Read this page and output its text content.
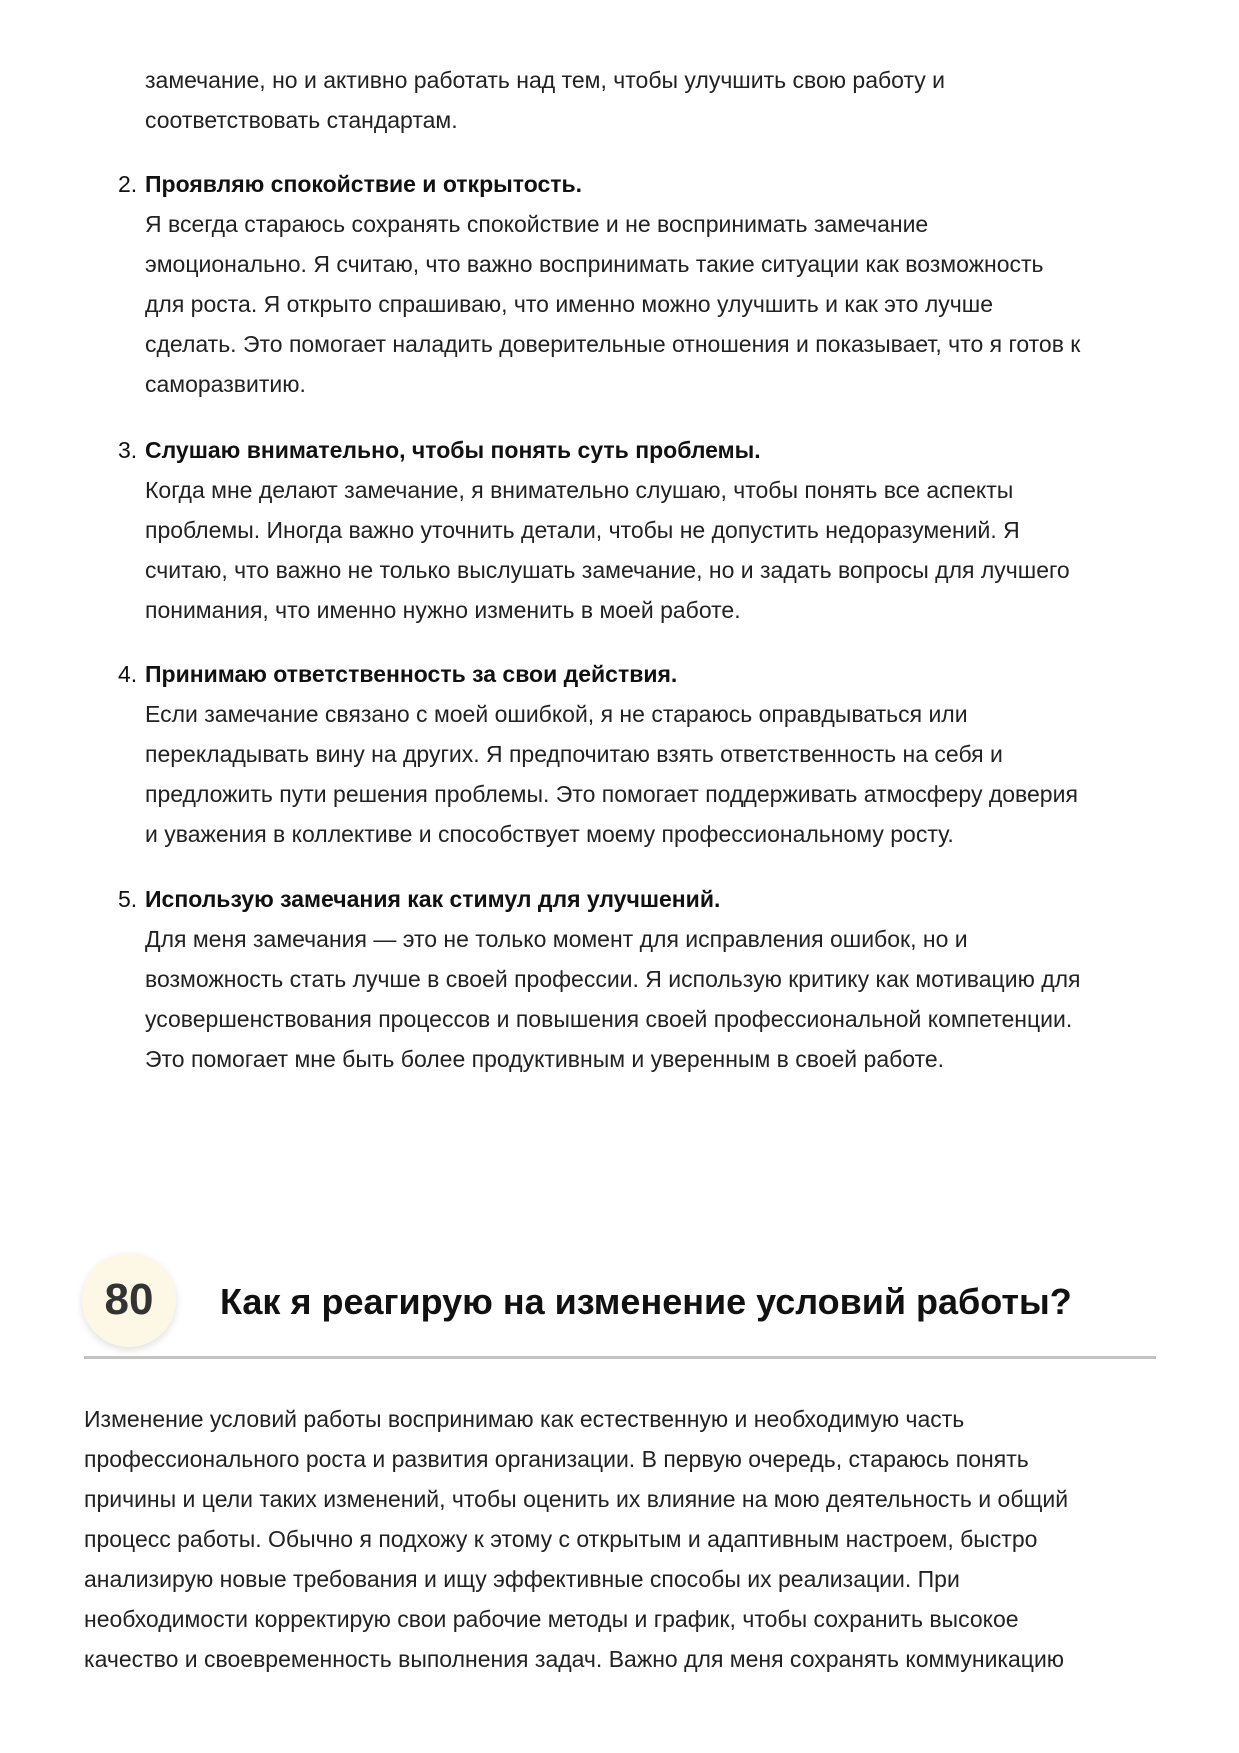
замечание, но и активно работать над тем, чтобы улучшить свою работу и
соответствовать стандартам.
2. Проявляю спокойствие и открытость.
Я всегда стараюсь сохранять спокойствие и не воспринимать замечание
эмоционально. Я считаю, что важно воспринимать такие ситуации как возможность
для роста. Я открыто спрашиваю, что именно можно улучшить и как это лучше
сделать. Это помогает наладить доверительные отношения и показывает, что я готов к
саморазвитию.
3. Слушаю внимательно, чтобы понять суть проблемы.
Когда мне делают замечание, я внимательно слушаю, чтобы понять все аспекты
проблемы. Иногда важно уточнить детали, чтобы не допустить недоразумений. Я
считаю, что важно не только выслушать замечание, но и задать вопросы для лучшего
понимания, что именно нужно изменить в моей работе.
4. Принимаю ответственность за свои действия.
Если замечание связано с моей ошибкой, я не стараюсь оправдываться или
перекладывать вину на других. Я предпочитаю взять ответственность на себя и
предложить пути решения проблемы. Это помогает поддерживать атмосферу доверия
и уважения в коллективе и способствует моему профессиональному росту.
5. Использую замечания как стимул для улучшений.
Для меня замечания — это не только момент для исправления ошибок, но и
возможность стать лучше в своей профессии. Я использую критику как мотивацию для
усовершенствования процессов и повышения своей профессиональной компетенции.
Это помогает мне быть более продуктивным и уверенным в своей работе.
80	Как я реагирую на изменение условий работы?
Изменение условий работы воспринимаю как естественную и необходимую часть
профессионального роста и развития организации. В первую очередь, стараюсь понять
причины и цели таких изменений, чтобы оценить их влияние на мою деятельность и общий
процесс работы. Обычно я подхожу к этому с открытым и адаптивным настроем, быстро
анализирую новые требования и ищу эффективные способы их реализации. При
необходимости корректирую свои рабочие методы и график, чтобы сохранить высокое
качество и своевременность выполнения задач. Важно для меня сохранять коммуникацию
